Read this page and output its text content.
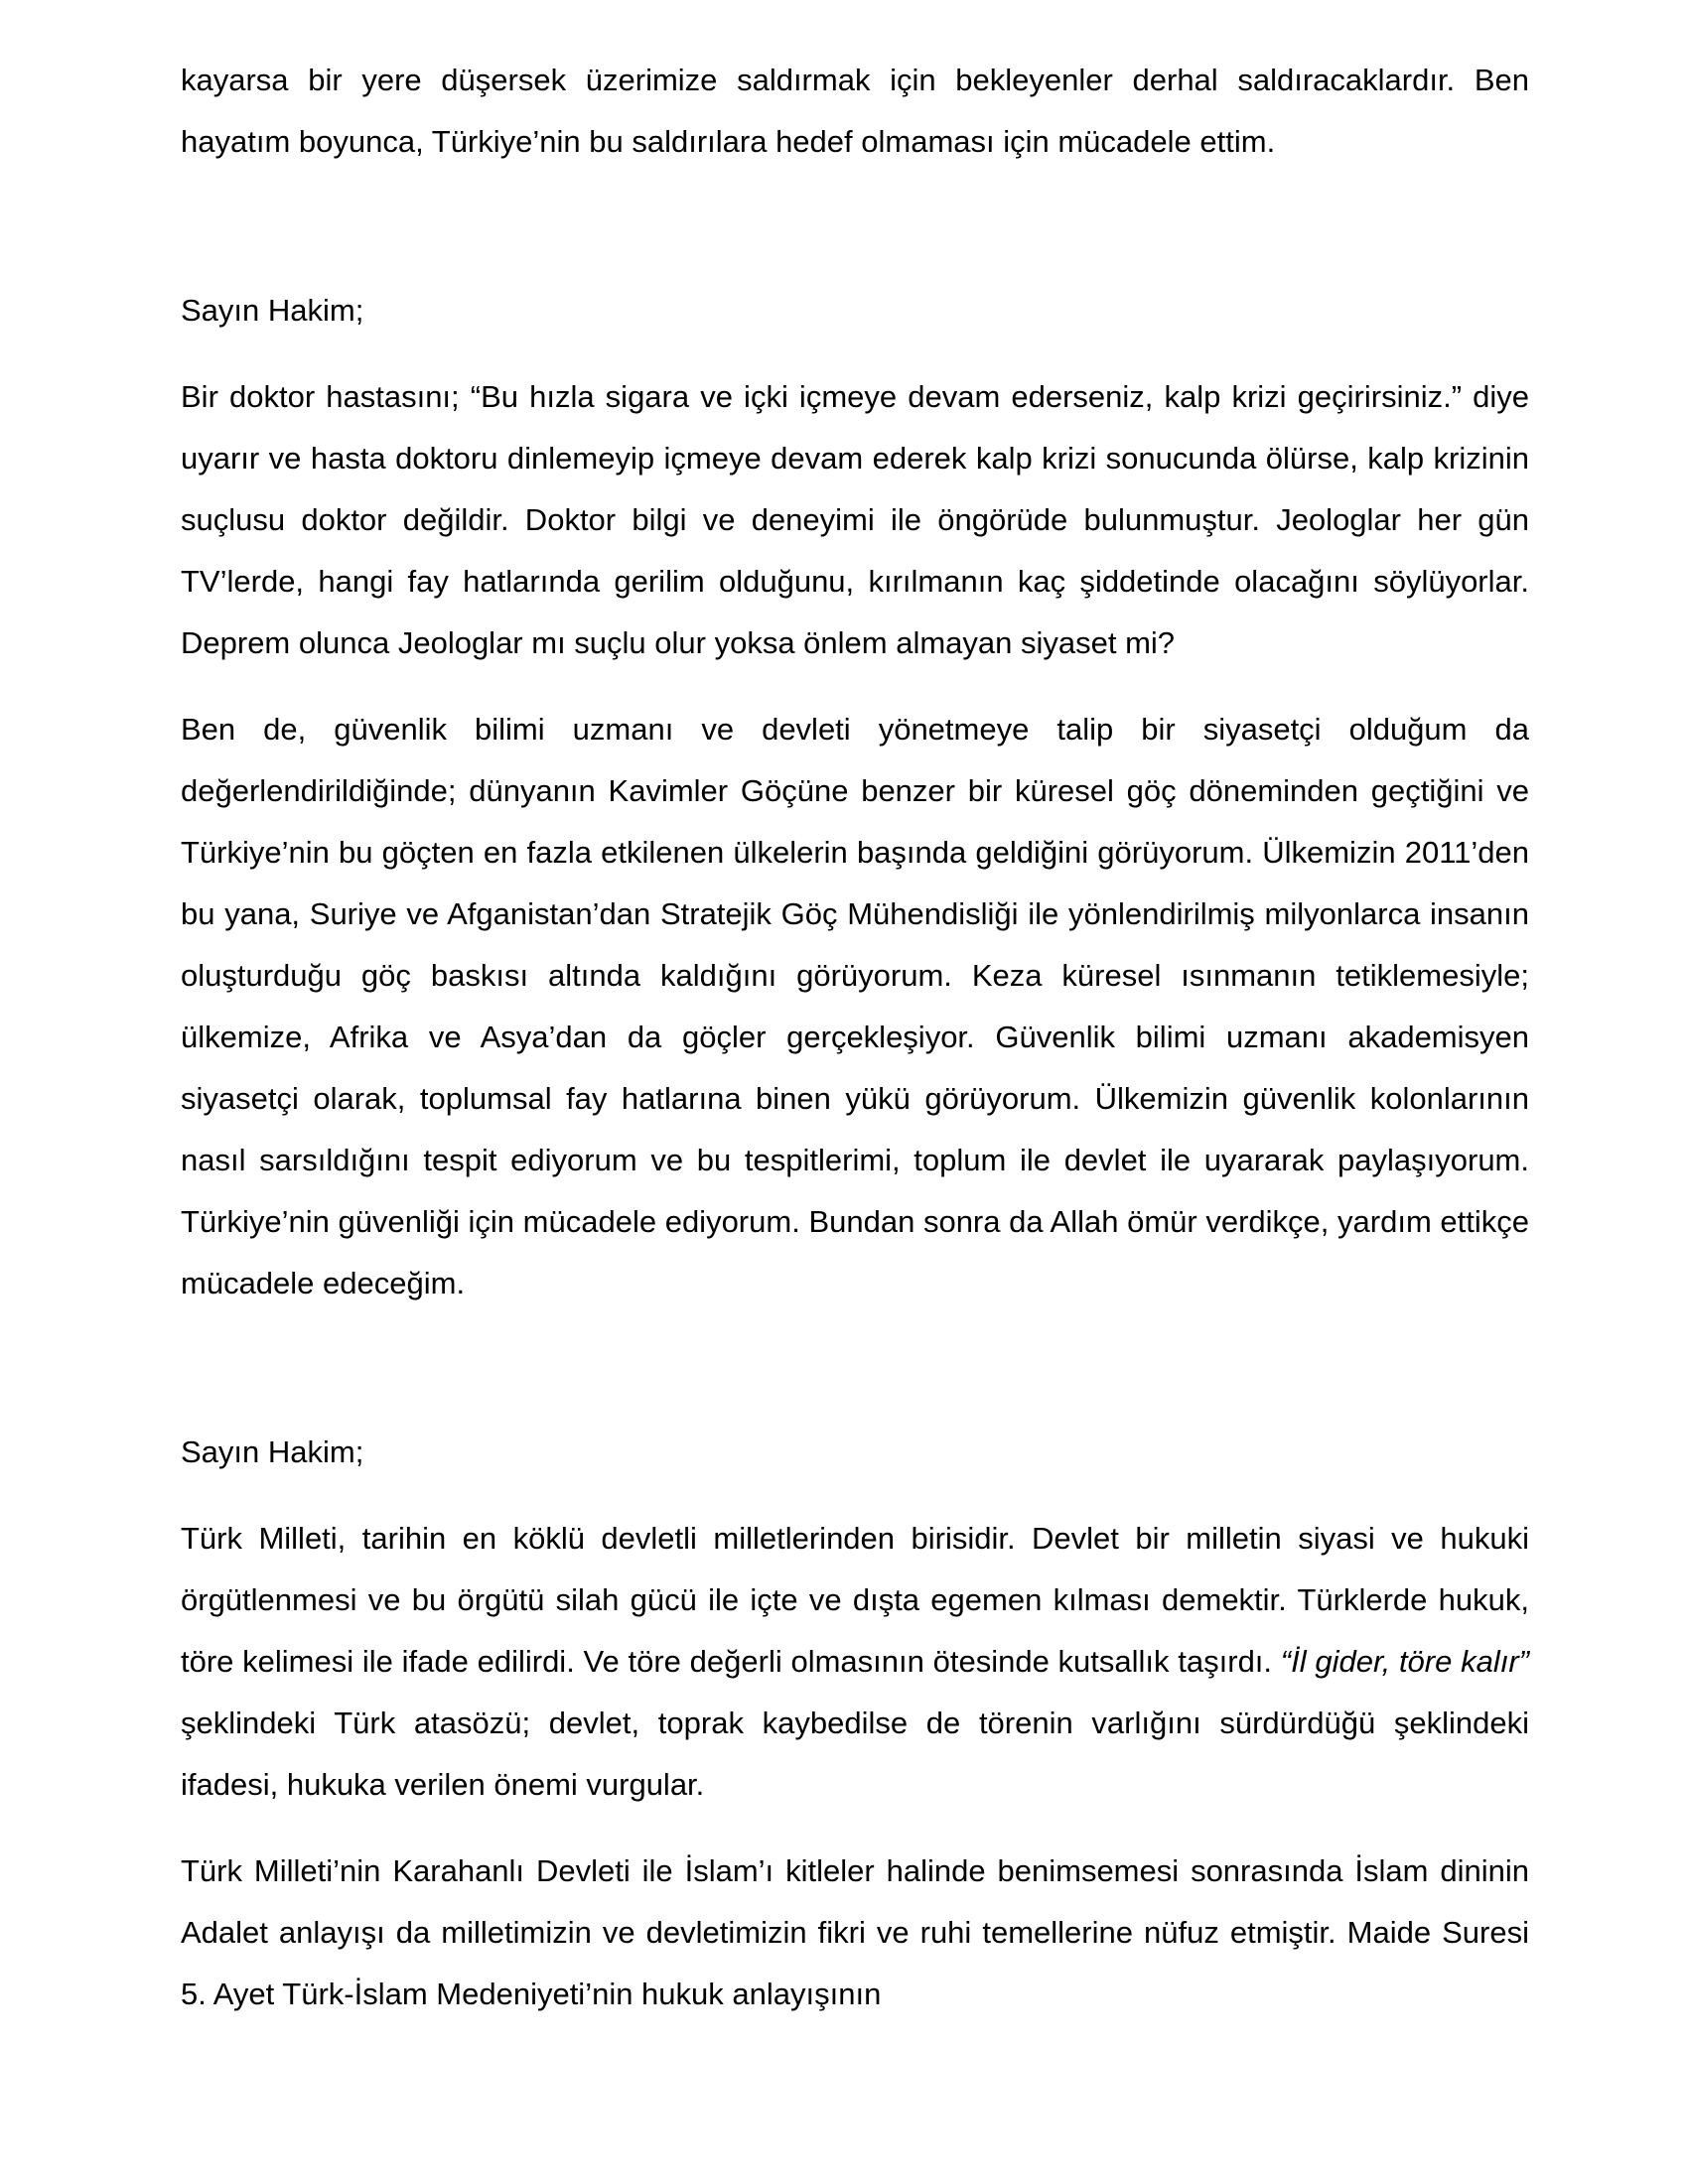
kayarsa bir yere düşersek üzerimize saldırmak için bekleyenler derhal saldıracaklardır. Ben hayatım boyunca, Türkiye’nin bu saldırılara hedef olmaması için mücadele ettim.

Sayın Hakim;

Bir doktor hastasını; “Bu hızla sigara ve içki içmeye devam ederseniz, kalp krizi geçirirsiniz.” diye uyarır ve hasta doktoru dinlemeyip içmeye devam ederek kalp krizi sonucunda ölürse, kalp krizinin suçlusu doktor değildir. Doktor bilgi ve deneyimi ile öngörüde bulunmuştur. Jeologlar her gün TV’lerde, hangi fay hatlarında gerilim olduğunu, kırılmanın kaç şiddetinde olacağını söylüyorlar. Deprem olunca Jeologlar mı suçlu olur yoksa önlem almayan siyaset mi?

Ben de, güvenlik bilimi uzmanı ve devleti yönetmeye talip bir siyasetçi olduğum da değerlendirildiğinde; dünyanın Kavimler Göçüne benzer bir küresel göç döneminden geçtiğini ve Türkiye’nin bu göçten en fazla etkilenen ülkelerin başında geldiğini görüyorum. Ülkemizin 2011’den bu yana, Suriye ve Afganistan’dan Stratejik Göç Mühendisliği ile yönlendirilmiş milyonlarca insanın oluşturduğu göç baskısı altında kaldığını görüyorum. Keza küresel ısınmanın tetiklemesiyle; ülkemize, Afrika ve Asya’dan da göçler gerçekleşiyor. Güvenlik bilimi uzmanı akademisyen siyasetçi olarak, toplumsal fay hatlarına binen yükü görüyorum. Ülkemizin güvenlik kolonlarının nasıl sarsıldığını tespit ediyorum ve bu tespitlerimi, toplum ile devlet ile uyararak paylaşıyorum. Türkiye’nin güvenliği için mücadele ediyorum. Bundan sonra da Allah ömür verdikçe, yardım ettikçe mücadele edeceğim.

Sayın Hakim;

Türk Milleti, tarihin en köklü devletli milletlerinden birisidir. Devlet bir milletin siyasi ve hukuki örgütlenmesi ve bu örgütü silah gücü ile içte ve dışta egemen kılması demektir. Türklerde hukuk, töre kelimesi ile ifade edilirdi. Ve töre değerli olmasının ötesinde kutsallık taşırdı. “İl gider, töre kalır” şeklindeki Türk atasözü; devlet, toprak kaybedilse de törenin varlığını sürdürdüğü şeklindeki ifadesi, hukuka verilen önemi vurgular.

Türk Milleti’nin Karahanlı Devleti ile İslam’ı kitleler halinde benimsemesi sonrasında İslam dininin Adalet anlayışı da milletimizin ve devletimizin fikri ve ruhi temellerine nüfuz etmiştir. Maide Suresi 5. Ayet Türk-İslam Medeniyeti’nin hukuk anlayışının
